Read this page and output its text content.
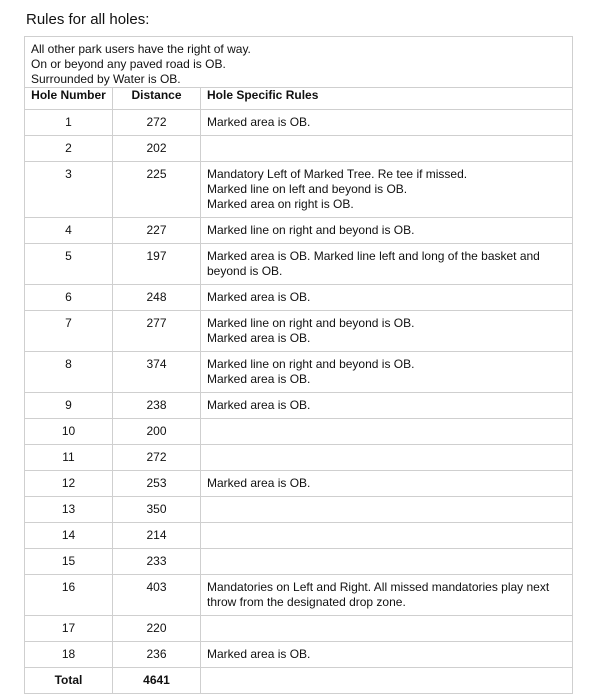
Rules for all holes:
All other park users have the right of way.
On or beyond any paved road is OB.
Surrounded by Water is OB.		

Hole Number	Distance	Hole Specific Rules
1	272	Marked area is OB.

2	202	
3	225	Mandatory Left of Marked Tree. Re tee if missed.
Marked line on left and beyond is OB.
Marked area on right is OB.

4	227	Marked line on right and beyond is OB.

5	197	Marked area is OB. Marked line left and long of the basket and beyond is OB.

6	248	Marked area is OB.

7	277	Marked line on right and beyond is OB.
Marked area is OB.

8	374	Marked line on right and beyond is OB.
Marked area is OB.

9	238	Marked area is OB.

10	200	
11	272	
12	253	Marked area is OB.

13	350	
14	214	
15	233	
16	403	Mandatories on Left and Right. All missed mandatories play next throw from the designated drop zone.

17	220	
18	236	Marked area is OB.

Total	4641	
